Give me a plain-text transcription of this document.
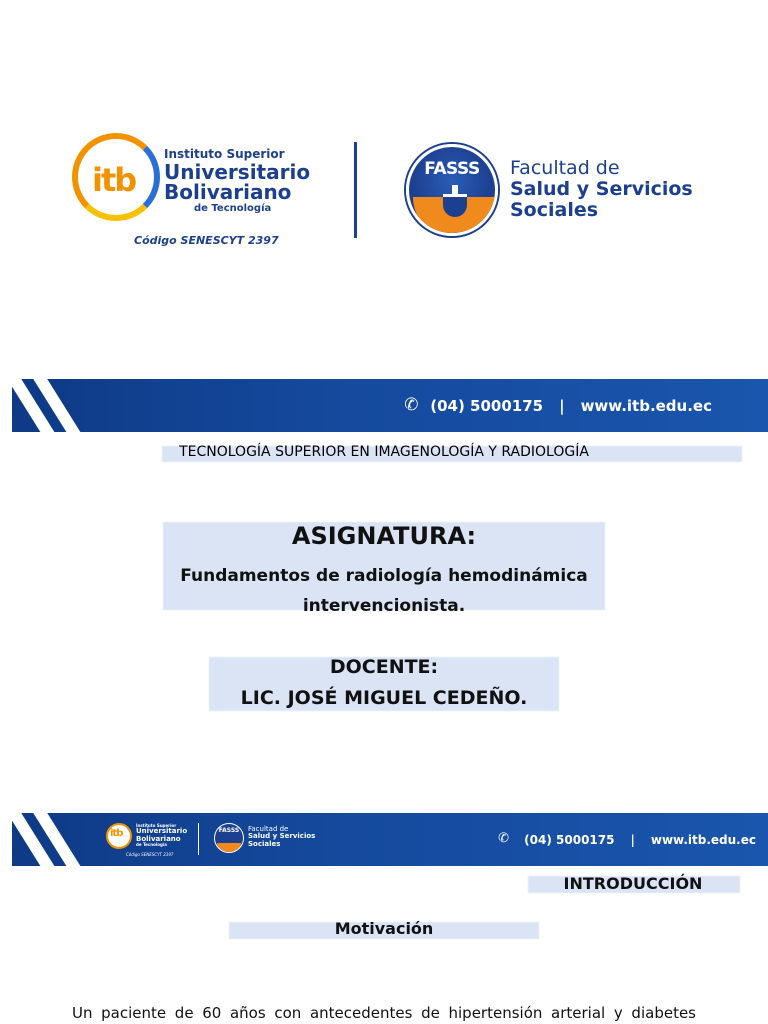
itb
Instituto Superior
Universitario
Bolivariano
de Tecnología
Código SENESCYT 2397
FASSS	Facultad de
Salud y Servicios
Sociales
✆
(04) 5000175 | www.itb.edu.ec
TECNOLOGÍA SUPERIOR EN IMAGENOLOGÍA Y RADIOLOGÍA
ASIGNATURA:
Fundamentos de radiología hemodinámica intervencionista.
DOCENTE:
LIC. JOSÉ MIGUEL CEDEÑO.
itb
Instituto Superior
Universitario
Bolivariano
de Tecnología
Código SENESCYT 2397
FASSS	Facultad de
Salud y Servicios
Sociales
✆	(04) 5000175 | www.itb.edu.ec
INTRODUCCIÓN
Motivación
Un paciente de 60 años con antecedentes de hipertensión arterial y diabetes
